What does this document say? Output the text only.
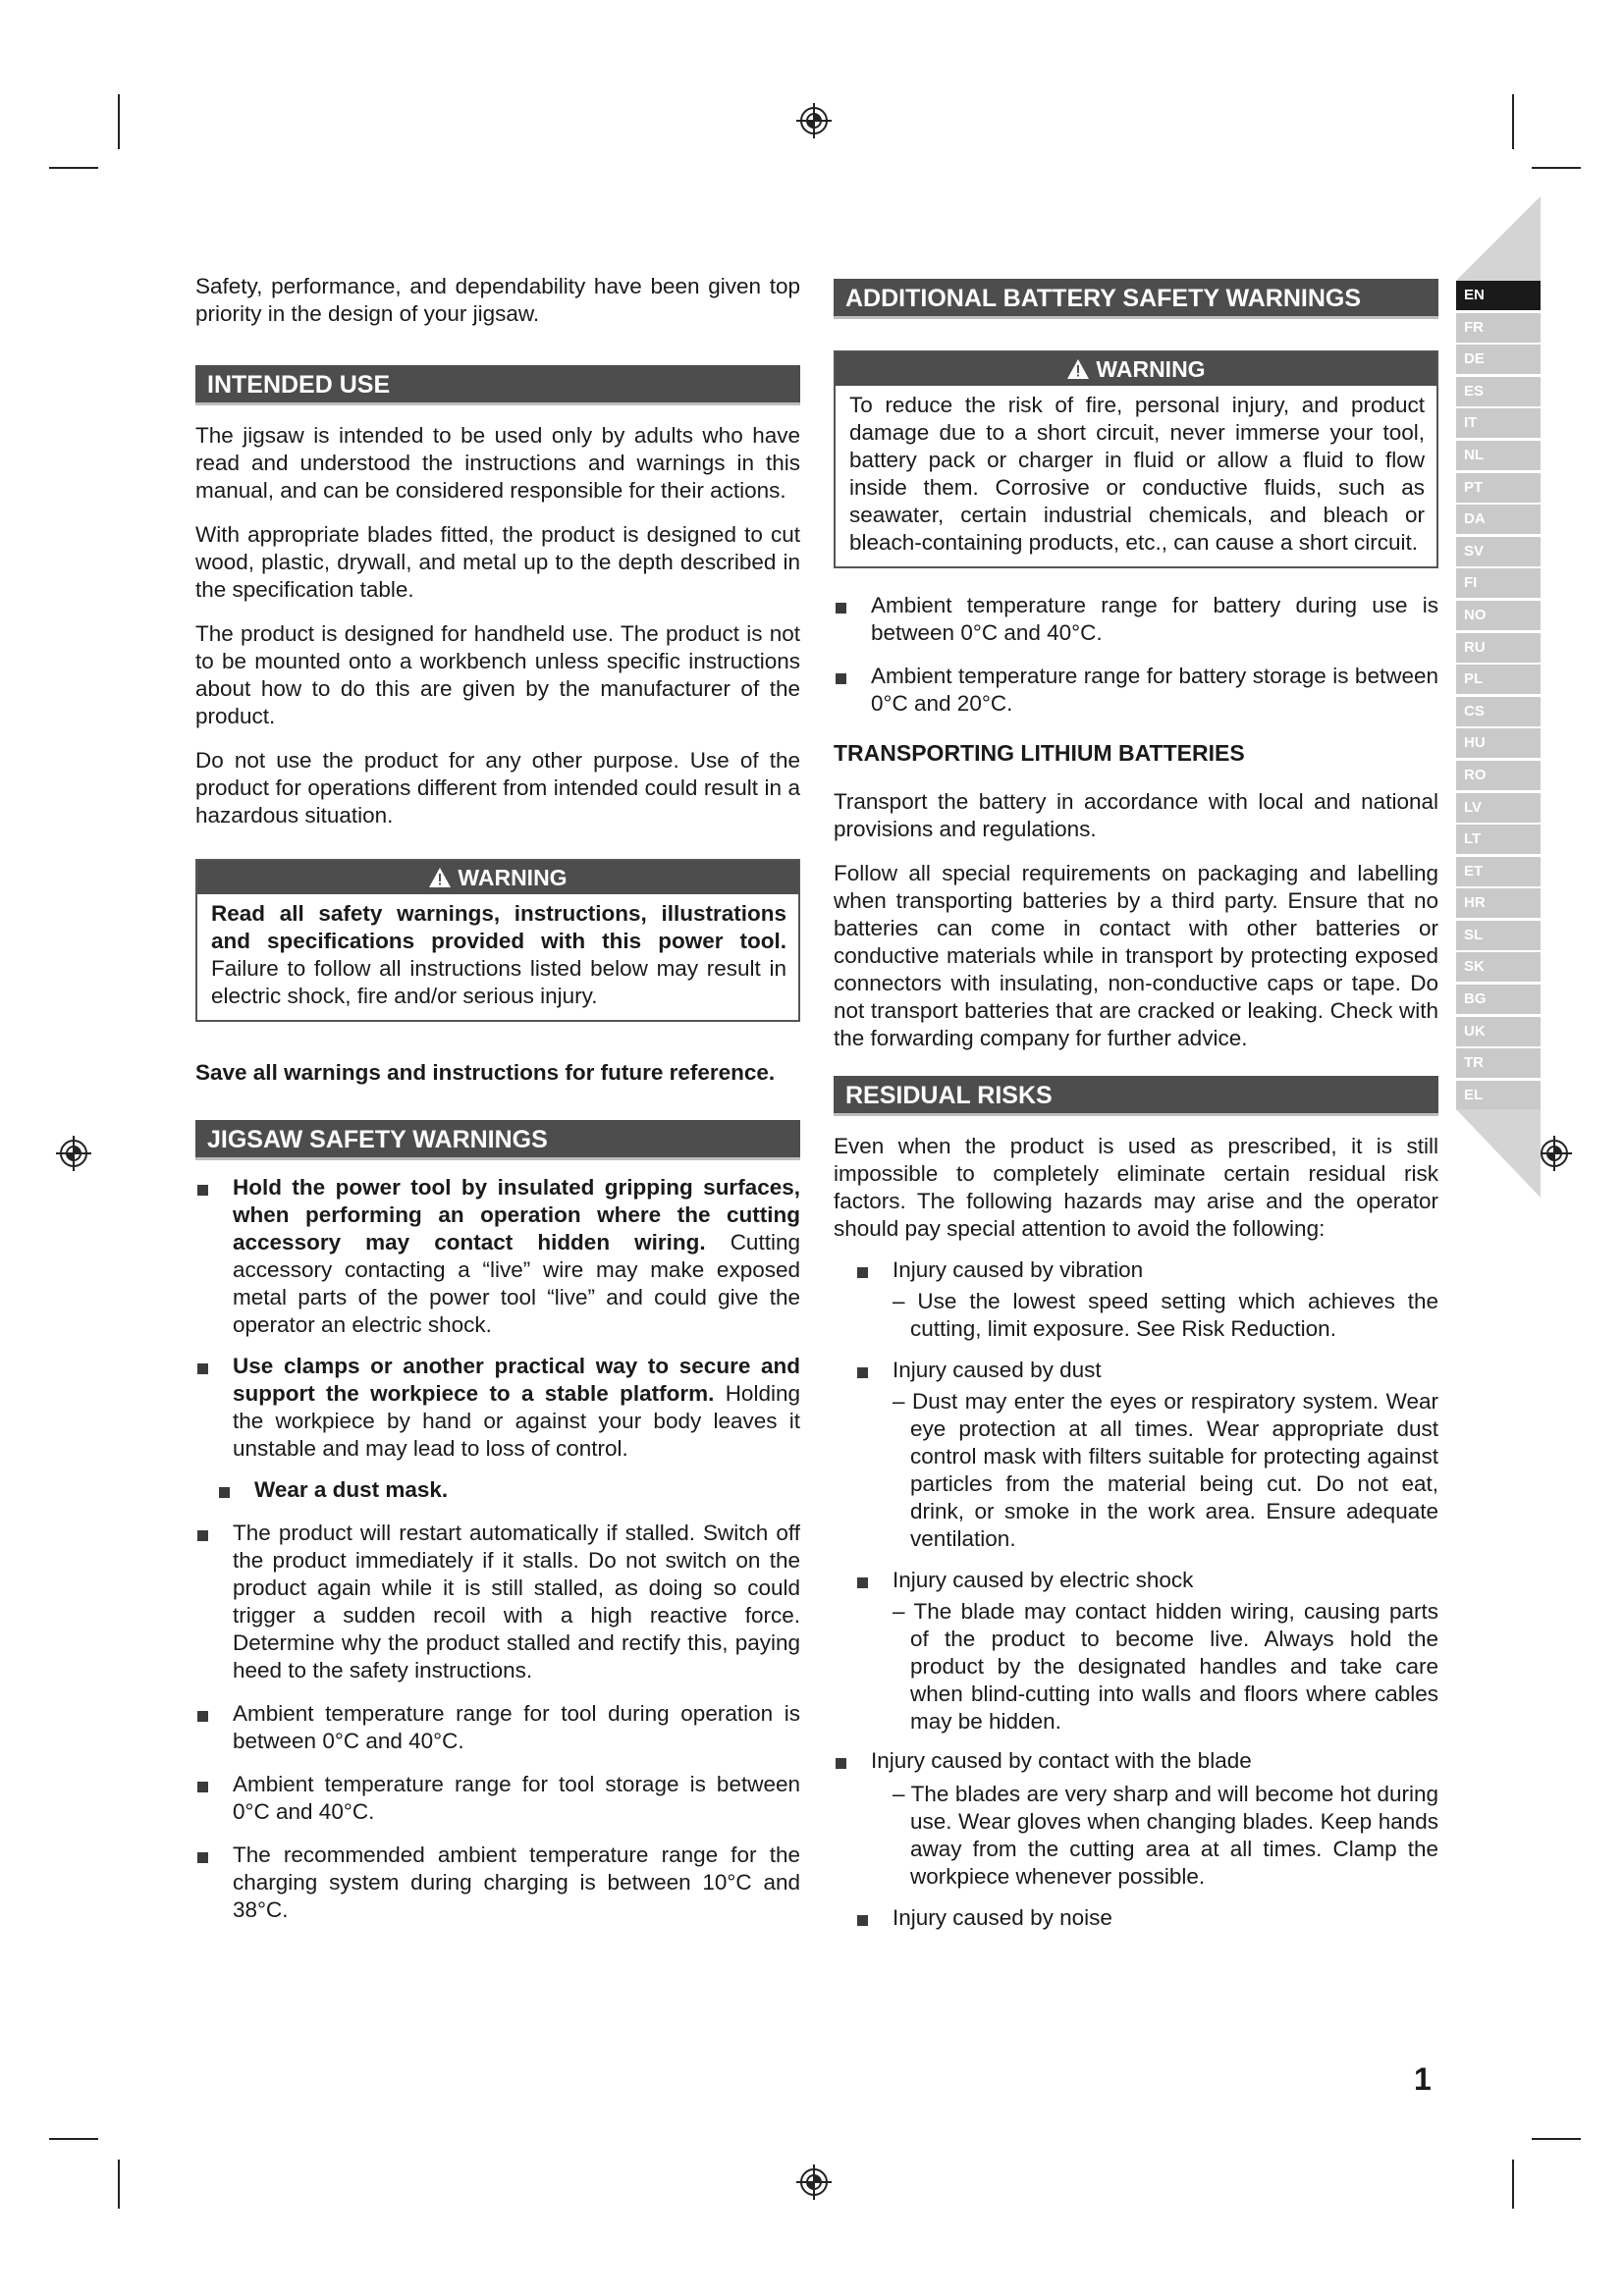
Safety, performance, and dependability have been given top priority in the design of your jigsaw.

INTENDED USE

The jigsaw is intended to be used only by adults who have read and understood the instructions and warnings in this manual, and can be considered responsible for their actions.

With appropriate blades fitted, the product is designed to cut wood, plastic, drywall, and metal up to the depth described in the specification table.

The product is designed for handheld use. The product is not to be mounted onto a workbench unless specific instructions about how to do this are given by the manufacturer of the product.

Do not use the product for any other purpose. Use of the product for operations different from intended could result in a hazardous situation.

WARNING

Read all safety warnings, instructions, illustrations and specifications provided with this power tool. Failure to follow all instructions listed below may result in electric shock, fire and/or serious injury.

Save all warnings and instructions for future reference.

JIGSAW SAFETY WARNINGS
Hold the power tool by insulated gripping surfaces, when performing an operation where the cutting accessory may contact hidden wiring. Cutting accessory contacting a “live” wire may make exposed metal parts of the power tool “live” and could give the operator an electric shock.
Use clamps or another practical way to secure and support the workpiece to a stable platform. Holding the workpiece by hand or against your body leaves it unstable and may lead to loss of control.
Wear a dust mask.
The product will restart automatically if stalled. Switch off the product immediately if it stalls. Do not switch on the product again while it is still stalled, as doing so could trigger a sudden recoil with a high reactive force. Determine why the product stalled and rectify this, paying heed to the safety instructions.
Ambient temperature range for tool during operation is between 0°C and 40°C.
Ambient temperature range for tool storage is between 0°C and 40°C.
The recommended ambient temperature range for the charging system during charging is between 10°C and 38°C.
ADDITIONAL BATTERY SAFETY WARNINGS
WARNING

To reduce the risk of fire, personal injury, and product damage due to a short circuit, never immerse your tool, battery pack or charger in fluid or allow a fluid to flow inside them. Corrosive or conductive fluids, such as seawater, certain industrial chemicals, and bleach or bleach-containing products, etc., can cause a short circuit.

Ambient temperature range for battery during use is between 0°C and 40°C.
Ambient temperature range for battery storage is between 0°C and 20°C.

TRANSPORTING LITHIUM BATTERIES

Transport the battery in accordance with local and national provisions and regulations.

Follow all special requirements on packaging and labelling when transporting batteries by a third party. Ensure that no batteries can come in contact with other batteries or conductive materials while in transport by protecting exposed connectors with insulating, non-conductive caps or tape. Do not transport batteries that are cracked or leaking. Check with the forwarding company for further advice.

RESIDUAL RISKS

Even when the product is used as prescribed, it is still impossible to completely eliminate certain residual risk factors. The following hazards may arise and the operator should pay special attention to avoid the following:

Injury caused by vibration

– Use the lowest speed setting which achieves the cutting, limit exposure. See Risk Reduction.

Injury caused by dust

– Dust may enter the eyes or respiratory system. Wear eye protection at all times. Wear appropriate dust control mask with filters suitable for protecting against particles from the material being cut. Do not eat, drink, or smoke in the work area. Ensure adequate ventilation.

Injury caused by electric shock

– The blade may contact hidden wiring, causing parts of the product to become live. Always hold the product by the designated handles and take care when blind-cutting into walls and floors where cables may be hidden.

Injury caused by contact with the blade

– The blades are very sharp and will become hot during use. Wear gloves when changing blades. Keep hands away from the cutting area at all times. Clamp the workpiece whenever possible.

Injury caused by noise
EN
FR
DE
ES
IT
NL
PT
DA
SV
FI
NO
RU
PL
CS
HU
RO
LV
LT
ET
HR
SL
SK
BG
UK
TR
EL
1
